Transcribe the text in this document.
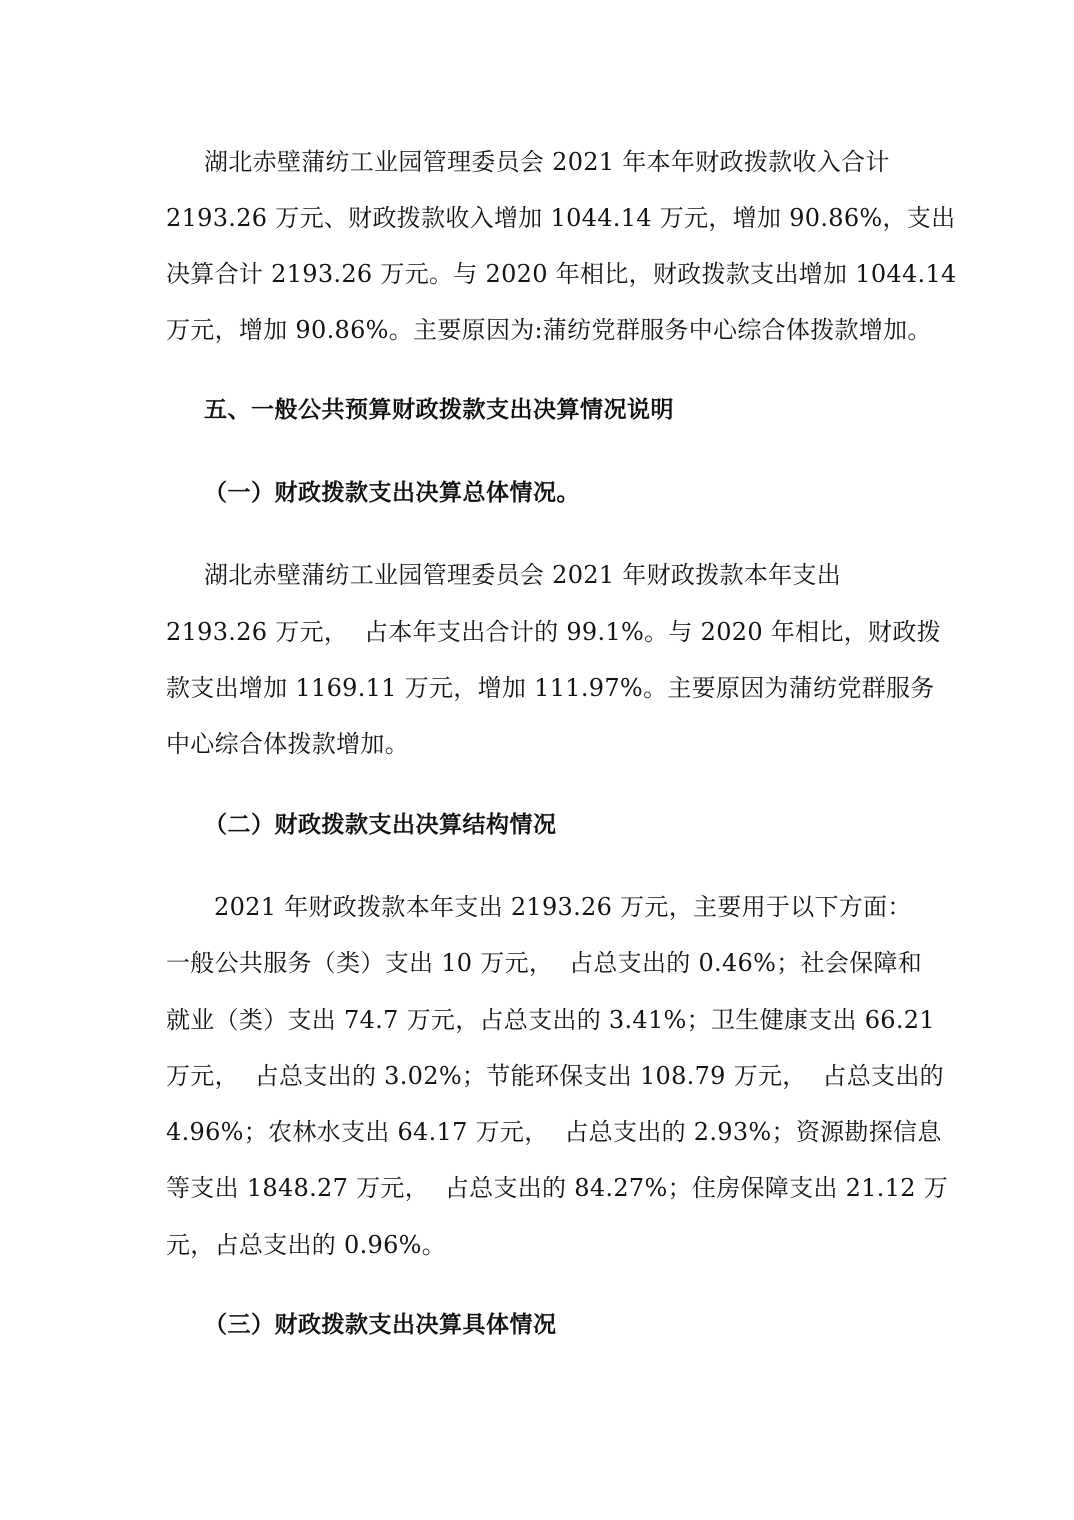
湖北赤壁蒲纺工业园管理委员会 2021 年本年财政拨款收入合计
2193.26 万元、财政拨款收入增加 1044.14 万元，增加 90.86%，支出
决算合计 2193.26 万元。与 2020 年相比，财政拨款支出增加 1044.14
万元，增加 90.86%。主要原因为:蒲纺党群服务中心综合体拨款增加。
五、一般公共预算财政拨款支出决算情况说明
（一）财政拨款支出决算总体情况。
湖北赤壁蒲纺工业园管理委员会 2021 年财政拨款本年支出
2193.26 万元，  占本年支出合计的 99.1%。与 2020 年相比，财政拨
款支出增加 1169.11 万元，增加 111.97%。主要原因为蒲纺党群服务
中心综合体拨款增加。
（二）财政拨款支出决算结构情况
2021 年财政拨款本年支出 2193.26 万元，主要用于以下方面：
一般公共服务（类）支出 10 万元，  占总支出的 0.46%；社会保障和
就业（类）支出 74.7 万元，占总支出的 3.41%；卫生健康支出 66.21
万元，  占总支出的 3.02%；节能环保支出 108.79 万元，  占总支出的
4.96%；农林水支出 64.17 万元，  占总支出的 2.93%；资源勘探信息
等支出 1848.27 万元，  占总支出的 84.27%；住房保障支出 21.12 万
元，占总支出的 0.96%。
（三）财政拨款支出决算具体情况
